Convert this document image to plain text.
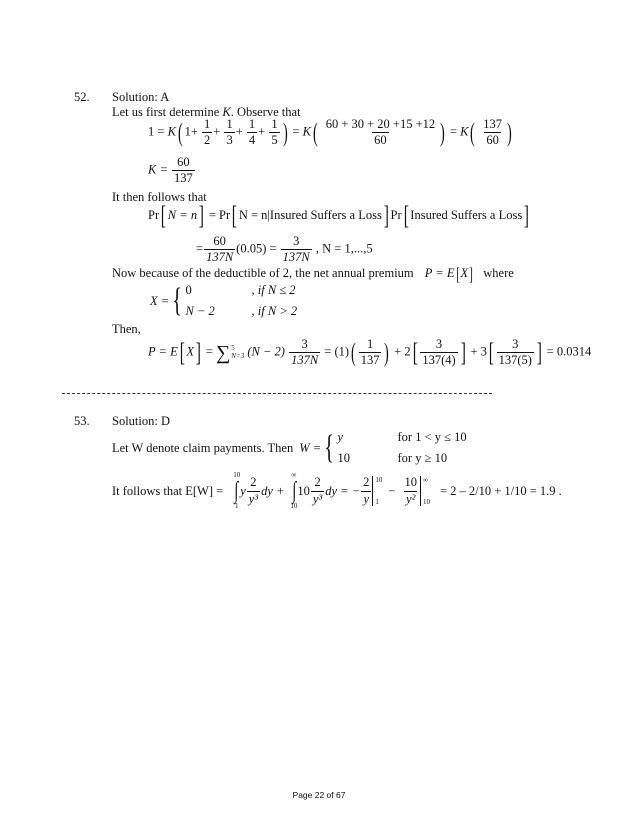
52. Solution: A
Let us first determine K. Observe that
1 = K( $1+ \frac{1}{2} + \frac{1}{3} + \frac{1}{4} + \frac{1}{5}$ ) = $K( \frac{60 + 30 + 20 +15 +12}{60}$ ) = $K( \frac{137}{60}$ )
$K = \frac{60}{137}$
It then follows that
Pr[ N = n] = Pr[ N = n|Insured Suffers a Loss] Pr[ Insured Suffers a Loss]
= $\frac{60}{137N} (0.05) = \frac{3}{137N}$ , N = 1,...,5
Now because of the deductible of 2, the net annual premium P = E[X] where
X = { 0	, if N ≤ 2
N − 2	, if N > 2
Then,
P = E[ X] = ∑ 5
N=3 $(N - 2) \frac{3}{137N} = (1)( \frac{1}{137}$ ) + $2[ \frac{3}{137(4)}$ ] + $3[ \frac{3}{137(5)}$ ] = 0.0314
53. Solution: D
Let W denote claim payments. Then W = { y	for 1 < y ≤ 10
10	for y ≥ 10
It follows that E[W] =
10
∫
1
y $\frac{2}{\text{y³}}$ dy +
∞
∫
10
$10 \frac{2}{\text{y³}}$ dy = − $\frac{2}{y} 10$
1
− $\frac{10}{\text{y²}}$ ∞
10
= 2 – 2/10 + 1/10 = 1.9 .
Page 22 of 67
